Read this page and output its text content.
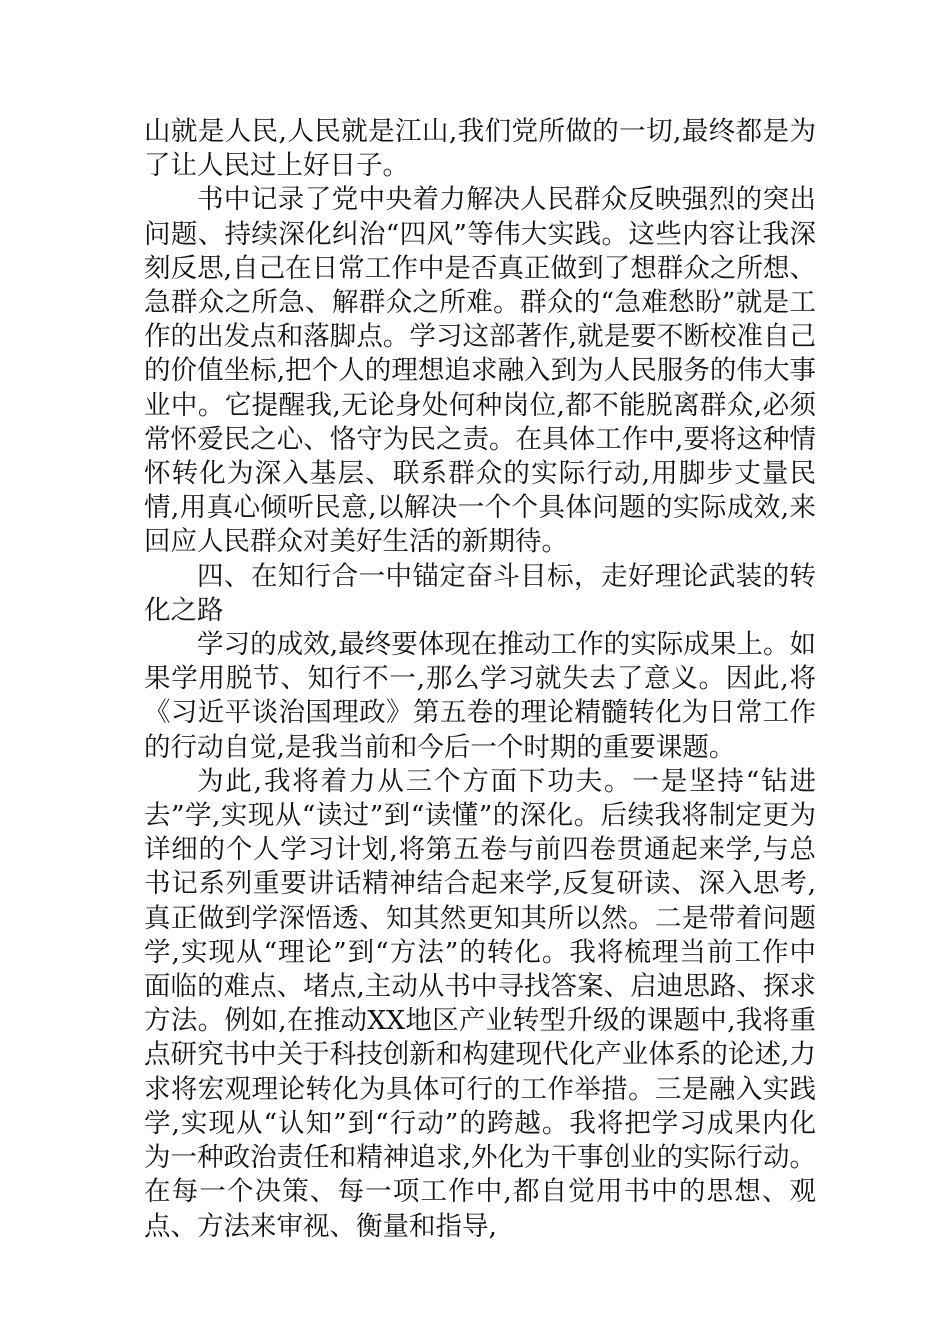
山就是人民,人民就是江山,我们党所做的一切,最终都是为了让人民过上好日子。

书中记录了党中央着力解决人民群众反映强烈的突出问题、持续深化纠治“四风”等伟大实践。这些内容让我深刻反思,自己在日常工作中是否真正做到了想群众之所想、急群众之所急、解群众之所难。群众的“急难愁盼”就是工作的出发点和落脚点。学习这部著作,就是要不断校准自己的价值坐标,把个人的理想追求融入到为人民服务的伟大事业中。它提醒我,无论身处何种岗位,都不能脱离群众,必须常怀爱民之心、恪守为民之责。在具体工作中,要将这种情怀转化为深入基层、联系群众的实际行动,用脚步丈量民情,用真心倾听民意,以解决一个个具体问题的实际成效,来回应人民群众对美好生活的新期待。

四、在知行合一中锚定奋斗目标，走好理论武装的转化之路

学习的成效,最终要体现在推动工作的实际成果上。如果学用脱节、知行不一,那么学习就失去了意义。因此,将《习近平谈治国理政》第五卷的理论精髓转化为日常工作的行动自觉,是我当前和今后一个时期的重要课题。

为此,我将着力从三个方面下功夫。一是坚持“钻进去”学,实现从“读过”到“读懂”的深化。后续我将制定更为详细的个人学习计划,将第五卷与前四卷贯通起来学,与总书记系列重要讲话精神结合起来学,反复研读、深入思考,真正做到学深悟透、知其然更知其所以然。二是带着问题学,实现从“理论”到“方法”的转化。我将梳理当前工作中面临的难点、堵点,主动从书中寻找答案、启迪思路、探求方法。例如,在推动XX地区产业转型升级的课题中,我将重点研究书中关于科技创新和构建现代化产业体系的论述,力求将宏观理论转化为具体可行的工作举措。三是融入实践学,实现从“认知”到“行动”的跨越。我将把学习成果内化为一种政治责任和精神追求,外化为干事创业的实际行动。在每一个决策、每一项工作中,都自觉用书中的思想、观点、方法来审视、衡量和指导,
